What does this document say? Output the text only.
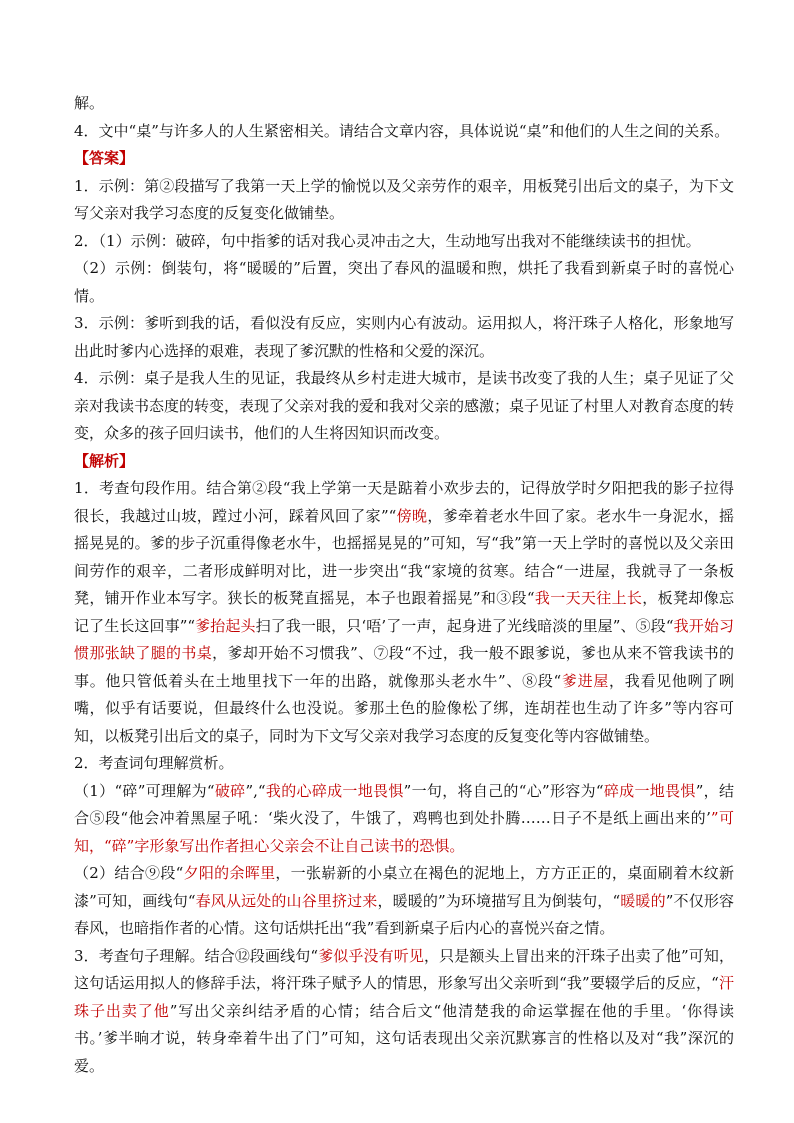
解。

4．文中“桌”与许多人的人生紧密相关。请结合文章内容，具体说说“桌”和他们的人生之间的关系。

【答案】

1．示例：第②段描写了我第一天上学的愉悦以及父亲劳作的艰辛，用板凳引出后文的桌子，为下文写父亲对我学习态度的反复变化做铺垫。

2．（1）示例：破碎，句中指爹的话对我心灵冲击之大，生动地写出我对不能继续读书的担忧。

（2）示例：倒装句，将“暖暖的”后置，突出了春风的温暖和煦，烘托了我看到新桌子时的喜悦心情。

3．示例：爹听到我的话，看似没有反应，实则内心有波动。运用拟人，将汗珠子人格化，形象地写出此时爹内心选择的艰难，表现了爹沉默的性格和父爱的深沉。

4．示例：桌子是我人生的见证，我最终从乡村走进大城市，是读书改变了我的人生；桌子见证了父亲对我读书态度的转变，表现了父亲对我的爱和我对父亲的感激；桌子见证了村里人对教育态度的转变，众多的孩子回归读书，他们的人生将因知识而改变。

【解析】

1．考查句段作用。结合第②段“我上学第一天是踮着小欢步去的，记得放学时夕阳把我的影子拉得很长，我越过山坡，蹚过小河，踩着风回了家”“傍晚，爹牵着老水牛回了家。老水牛一身泥水，摇摇晃晃的。爹的步子沉重得像老水牛，也摇摇晃晃的”可知，写“我”第一天上学时的喜悦以及父亲田间劳作的艰辛，二者形成鲜明对比，进一步突出“我“家境的贫寒。结合“一进屋，我就寻了一条板凳，铺开作业本写字。狭长的板凳直摇晃，本子也跟着摇晃”和③段“我一天天往上长，板凳却像忘记了生长这回事”“爹抬起头扫了我一眼，只‘唔’了一声，起身进了光线暗淡的里屋”、⑤段“我开始习惯那张缺了腿的书桌，爹却开始不习惯我”、⑦段“不过，我一般不跟爹说，爹也从来不管我读书的事。他只管低着头在土地里找下一年的出路，就像那头老水牛”、⑧段“爹进屋，我看见他咧了咧嘴，似乎有话要说，但最终什么也没说。爹那土色的脸像松了绑，连胡茬也生动了许多”等内容可知，以板凳引出后文的桌子，同时为下文写父亲对我学习态度的反复变化等内容做铺垫。

2．考查词句理解赏析。

（1）“碎”可理解为“破碎”,“我的心碎成一地畏惧”一句，将自己的“心”形容为“碎成一地畏惧”，结合⑤段“他会冲着黑屋子吼：‘柴火没了，牛饿了，鸡鸭也到处扑腾……日子不是纸上画出来的’”可知，“碎”字形象写出作者担心父亲会不让自己读书的恐惧。

（2）结合⑨段“夕阳的余晖里，一张崭新的小桌立在褐色的泥地上，方方正正的，桌面刷着木纹新漆”可知，画线句“春风从远处的山谷里挤过来，暖暖的”为环境描写且为倒装句，“暖暖的”不仅形容春风，也暗指作者的心情。这句话烘托出“我”看到新桌子后内心的喜悦兴奋之情。

3．考查句子理解。结合⑫段画线句“爹似乎没有听见，只是额头上冒出来的汗珠子出卖了他”可知，这句话运用拟人的修辞手法，将汗珠子赋予人的情思，形象写出父亲听到“我”要辍学后的反应，“汗珠子出卖了他”写出父亲纠结矛盾的心情；结合后文“他清楚我的命运掌握在他的手里。‘你得读书。’爹半晌才说，转身牵着牛出了门”可知，这句话表现出父亲沉默寡言的性格以及对“我”深沉的爱。
